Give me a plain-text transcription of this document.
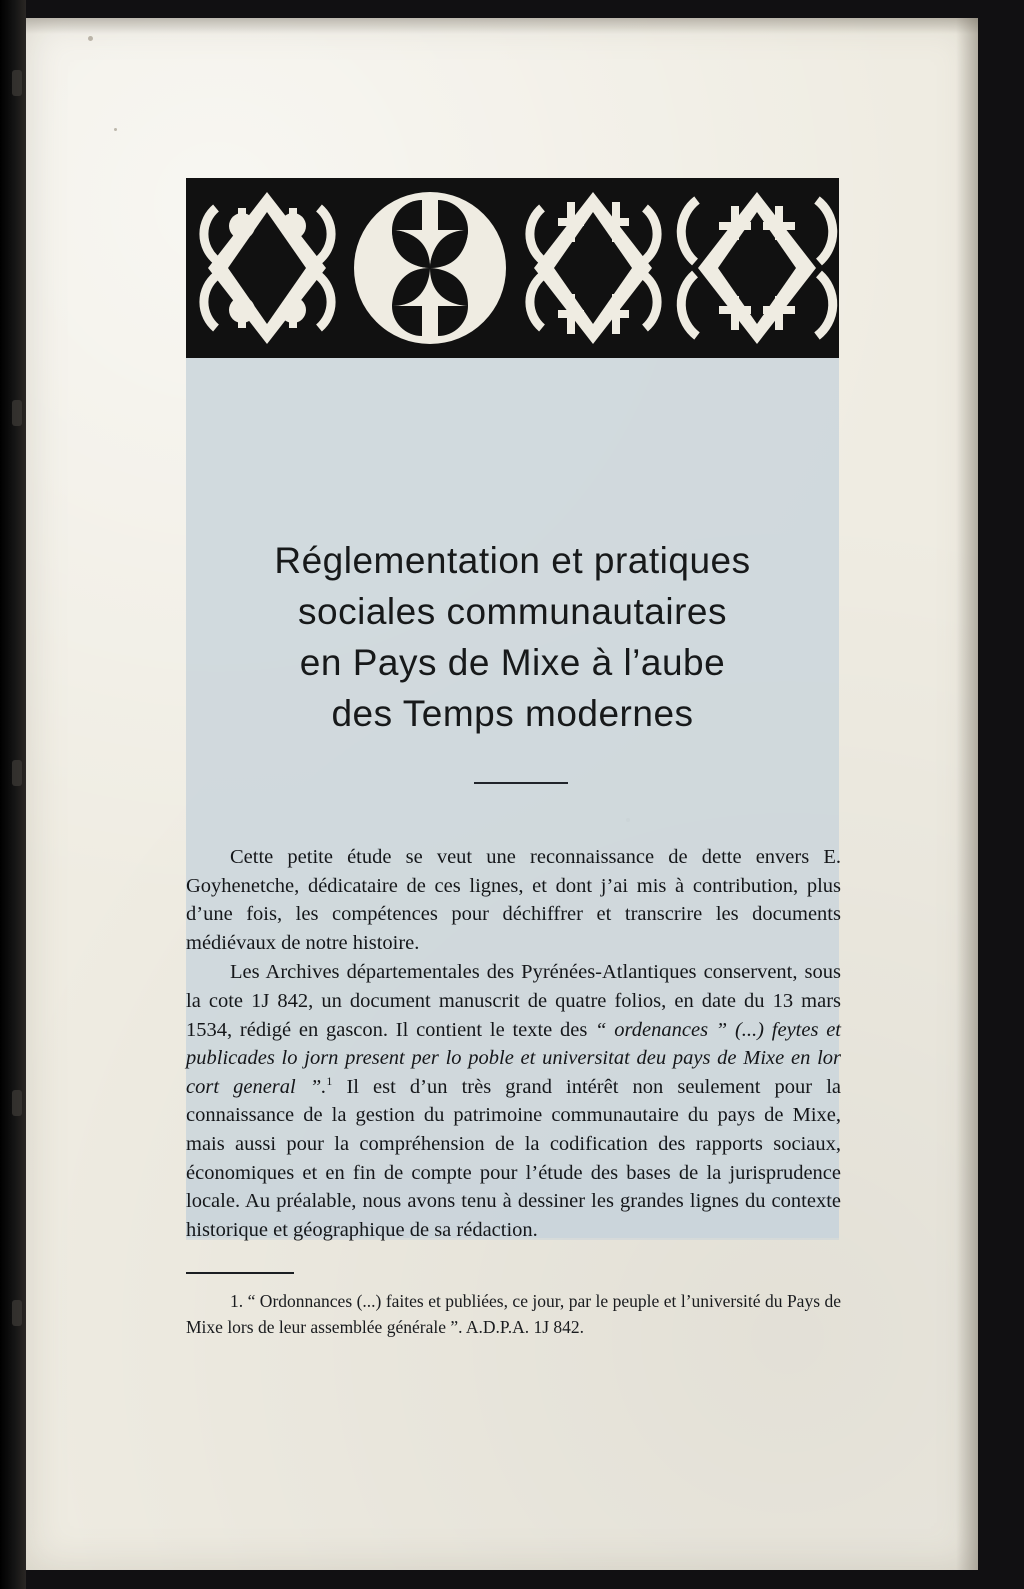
Réglementation et pratiques
sociales communautaires
en Pays de Mixe à l’aube
des Temps modernes

Cette petite étude se veut une reconnaissance de dette envers E. Goyhenetche, dédicataire de ces lignes, et dont j’ai mis à contribution, plus d’une fois, les compétences pour déchiffrer et transcrire les documents médiévaux de notre histoire.

Les Archives départementales des Pyrénées-Atlantiques conservent, sous la cote 1J 842, un document manuscrit de quatre folios, en date du 13 mars 1534, rédigé en gascon. Il contient le texte des “ ordenances ” (...) feytes et publicades lo jorn present per lo poble et universitat deu pays de Mixe en lor cort general ”.$^1$ Il est d’un très grand intérêt non seulement pour la connaissance de la gestion du patrimoine communautaire du pays de Mixe, mais aussi pour la compréhension de la codification des rapports sociaux, économiques et en fin de compte pour l’étude des bases de la jurisprudence locale. Au préalable, nous avons tenu à dessiner les grandes lignes du contexte historique et géographique de sa rédaction.

1. “ Ordonnances (...) faites et publiées, ce jour, par le peuple et l’université du Pays de Mixe lors de leur assemblée générale ”. A.D.P.A. 1J 842.
